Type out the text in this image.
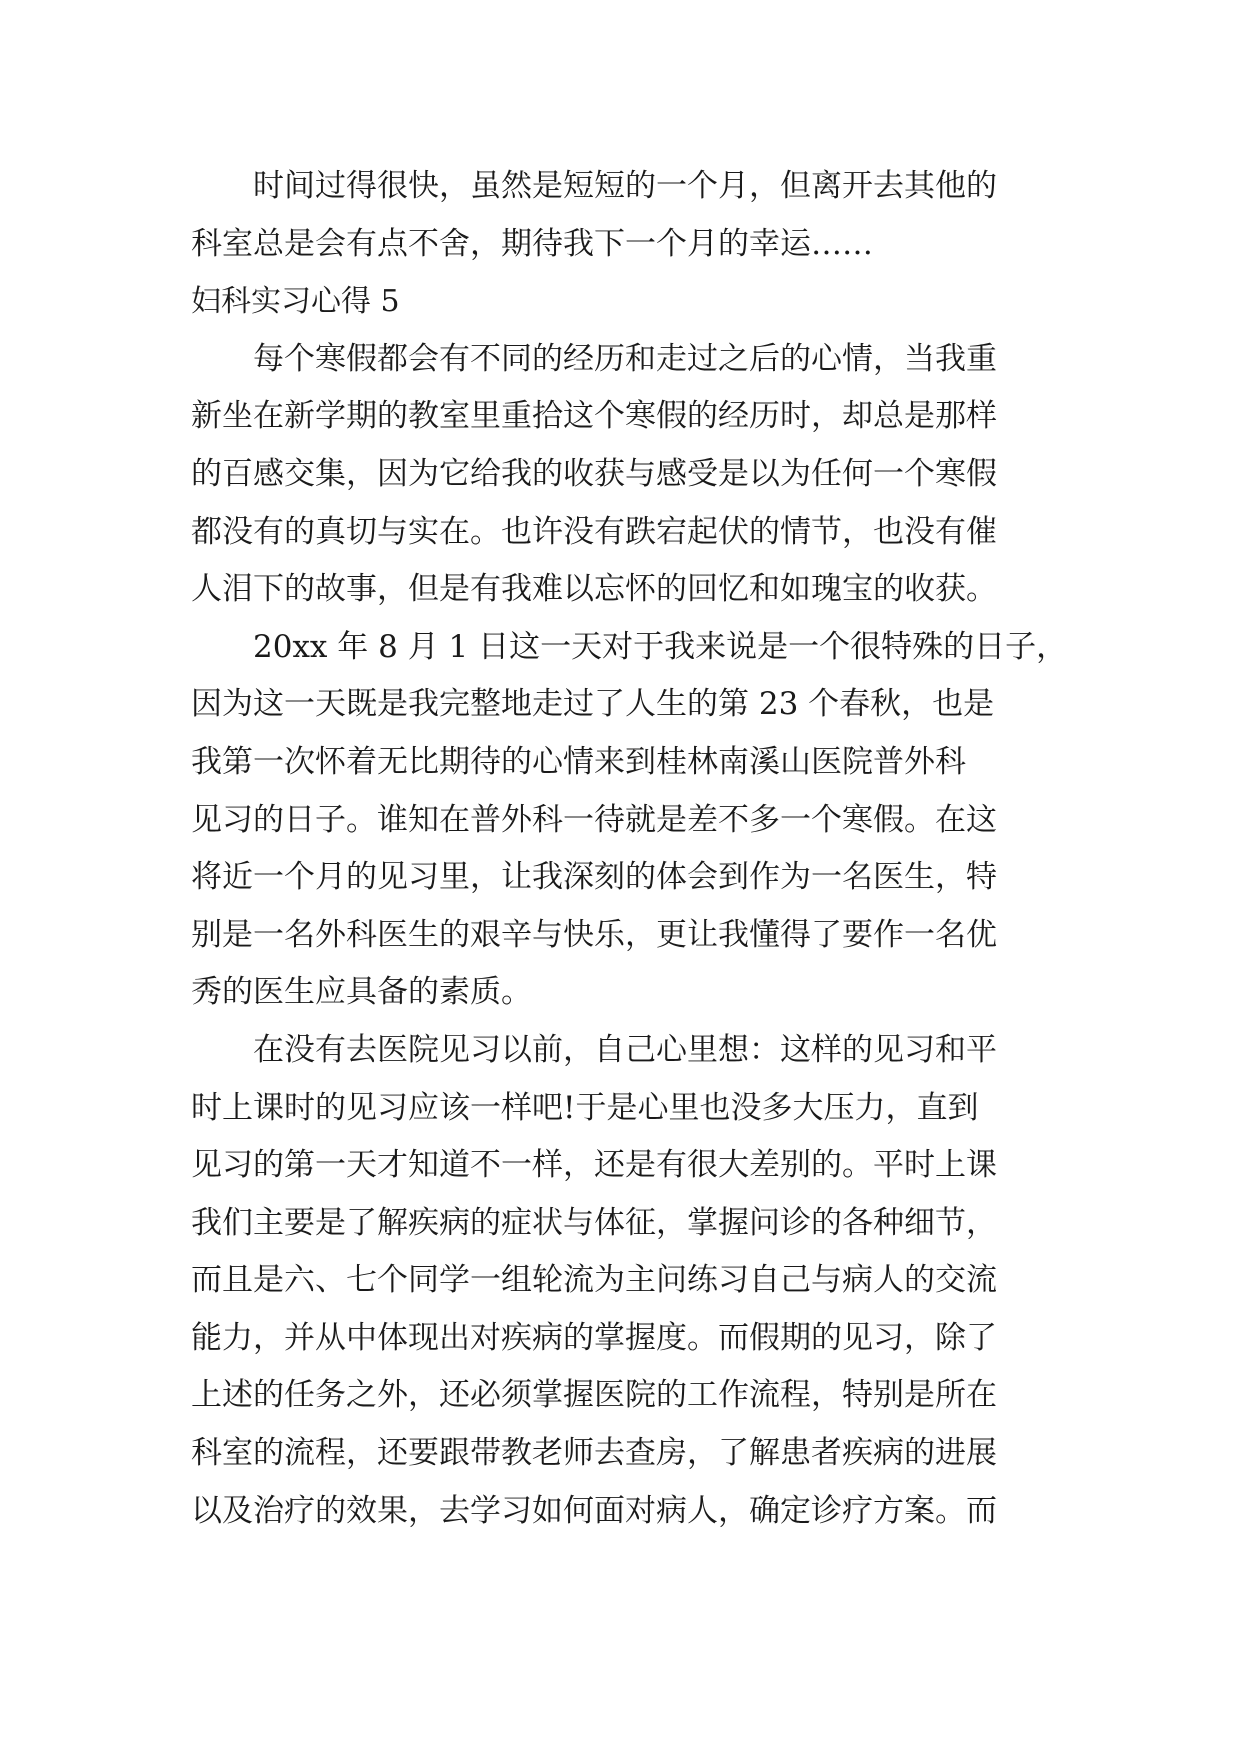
时间过得很快，虽然是短短的一个月，但离开去其他的
科室总是会有点不舍，期待我下一个月的幸运……
妇科实习心得 5
每个寒假都会有不同的经历和走过之后的心情，当我重
新坐在新学期的教室里重拾这个寒假的经历时，却总是那样
的百感交集，因为它给我的收获与感受是以为任何一个寒假
都没有的真切与实在。也许没有跌宕起伏的情节，也没有催
人泪下的故事，但是有我难以忘怀的回忆和如瑰宝的收获。
20xx 年 8 月 1 日这一天对于我来说是一个很特殊的日子，
因为这一天既是我完整地走过了人生的第 23 个春秋，也是
我第一次怀着无比期待的心情来到桂林南溪山医院普外科
见习的日子。谁知在普外科一待就是差不多一个寒假。在这
将近一个月的见习里，让我深刻的体会到作为一名医生，特
别是一名外科医生的艰辛与快乐，更让我懂得了要作一名优
秀的医生应具备的素质。
在没有去医院见习以前，自己心里想：这样的见习和平
时上课时的见习应该一样吧!于是心里也没多大压力，直到
见习的第一天才知道不一样，还是有很大差别的。平时上课
我们主要是了解疾病的症状与体征，掌握问诊的各种细节，
而且是六、七个同学一组轮流为主问练习自己与病人的交流
能力，并从中体现出对疾病的掌握度。而假期的见习，除了
上述的任务之外，还必须掌握医院的工作流程，特别是所在
科室的流程，还要跟带教老师去查房，了解患者疾病的进展
以及治疗的效果，去学习如何面对病人，确定诊疗方案。而
